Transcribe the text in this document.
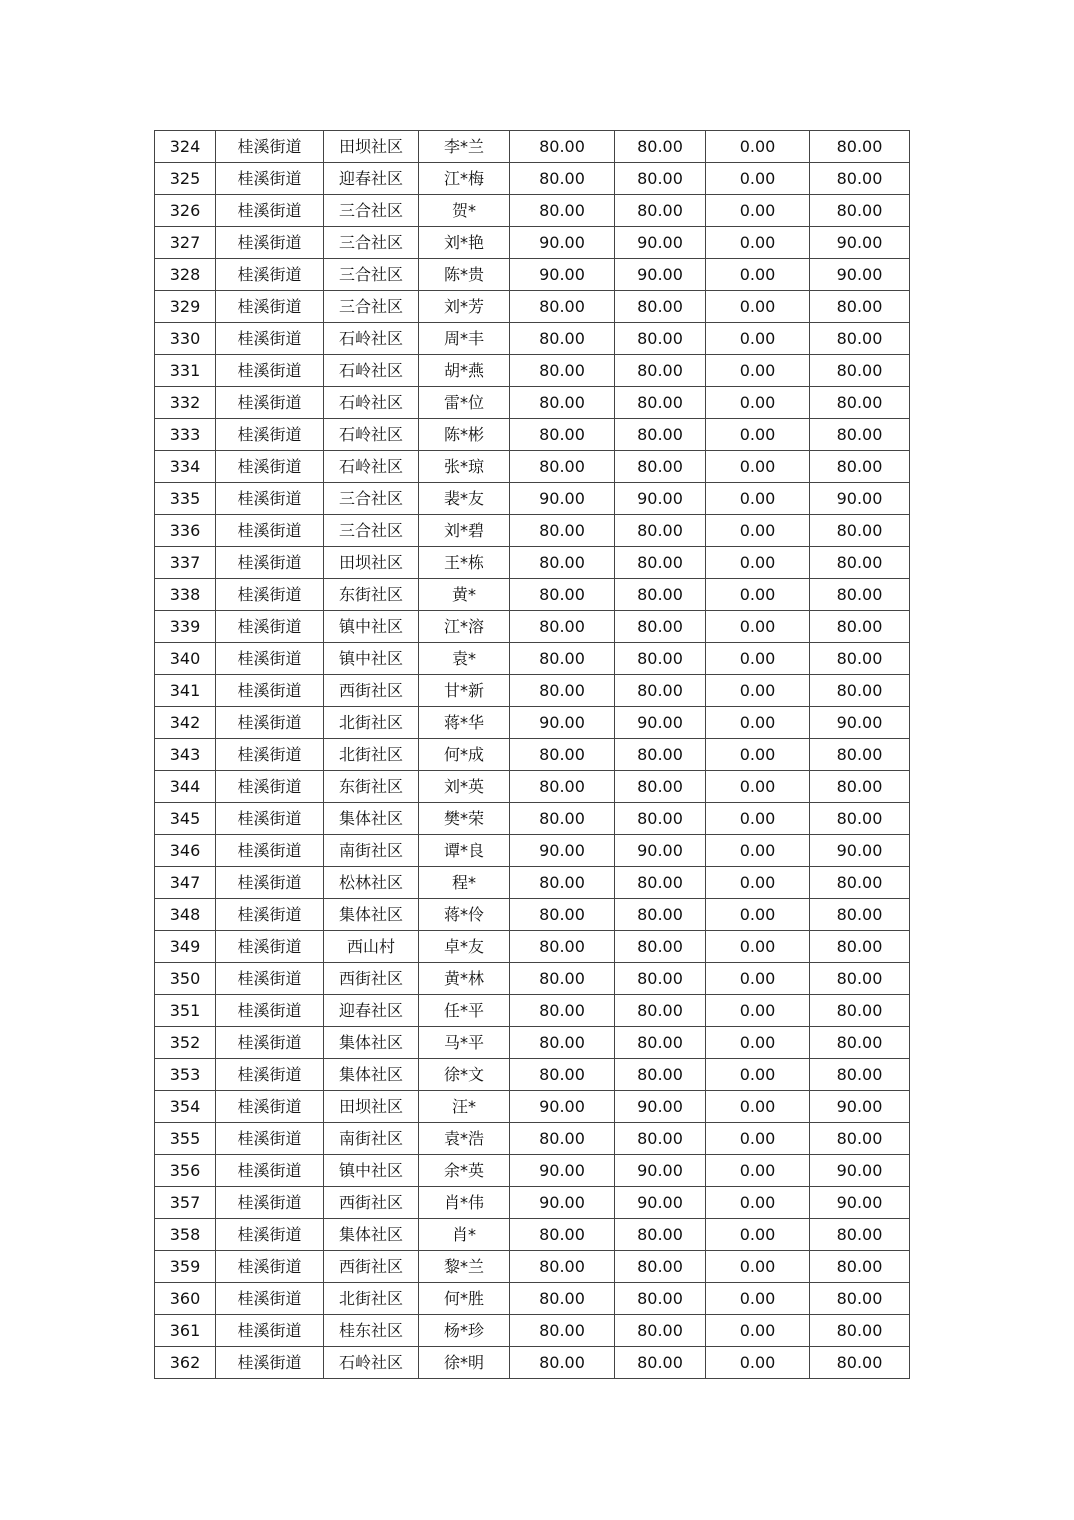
324	桂溪街道	田坝社区	李*兰	80.00	80.00	0.00	80.00
325	桂溪街道	迎春社区	江*梅	80.00	80.00	0.00	80.00
326	桂溪街道	三合社区	贺*	80.00	80.00	0.00	80.00
327	桂溪街道	三合社区	刘*艳	90.00	90.00	0.00	90.00
328	桂溪街道	三合社区	陈*贵	90.00	90.00	0.00	90.00
329	桂溪街道	三合社区	刘*芳	80.00	80.00	0.00	80.00
330	桂溪街道	石岭社区	周*丰	80.00	80.00	0.00	80.00
331	桂溪街道	石岭社区	胡*燕	80.00	80.00	0.00	80.00
332	桂溪街道	石岭社区	雷*位	80.00	80.00	0.00	80.00
333	桂溪街道	石岭社区	陈*彬	80.00	80.00	0.00	80.00
334	桂溪街道	石岭社区	张*琼	80.00	80.00	0.00	80.00
335	桂溪街道	三合社区	裴*友	90.00	90.00	0.00	90.00
336	桂溪街道	三合社区	刘*碧	80.00	80.00	0.00	80.00
337	桂溪街道	田坝社区	王*栋	80.00	80.00	0.00	80.00
338	桂溪街道	东街社区	黄*	80.00	80.00	0.00	80.00
339	桂溪街道	镇中社区	江*溶	80.00	80.00	0.00	80.00
340	桂溪街道	镇中社区	袁*	80.00	80.00	0.00	80.00
341	桂溪街道	西街社区	甘*新	80.00	80.00	0.00	80.00
342	桂溪街道	北街社区	蒋*华	90.00	90.00	0.00	90.00
343	桂溪街道	北街社区	何*成	80.00	80.00	0.00	80.00
344	桂溪街道	东街社区	刘*英	80.00	80.00	0.00	80.00
345	桂溪街道	集体社区	樊*荣	80.00	80.00	0.00	80.00
346	桂溪街道	南街社区	谭*良	90.00	90.00	0.00	90.00
347	桂溪街道	松林社区	程*	80.00	80.00	0.00	80.00
348	桂溪街道	集体社区	蒋*伶	80.00	80.00	0.00	80.00
349	桂溪街道	西山村	卓*友	80.00	80.00	0.00	80.00
350	桂溪街道	西街社区	黄*林	80.00	80.00	0.00	80.00
351	桂溪街道	迎春社区	任*平	80.00	80.00	0.00	80.00
352	桂溪街道	集体社区	马*平	80.00	80.00	0.00	80.00
353	桂溪街道	集体社区	徐*文	80.00	80.00	0.00	80.00
354	桂溪街道	田坝社区	汪*	90.00	90.00	0.00	90.00
355	桂溪街道	南街社区	袁*浩	80.00	80.00	0.00	80.00
356	桂溪街道	镇中社区	余*英	90.00	90.00	0.00	90.00
357	桂溪街道	西街社区	肖*伟	90.00	90.00	0.00	90.00
358	桂溪街道	集体社区	肖*	80.00	80.00	0.00	80.00
359	桂溪街道	西街社区	黎*兰	80.00	80.00	0.00	80.00
360	桂溪街道	北街社区	何*胜	80.00	80.00	0.00	80.00
361	桂溪街道	桂东社区	杨*珍	80.00	80.00	0.00	80.00
362	桂溪街道	石岭社区	徐*明	80.00	80.00	0.00	80.00
